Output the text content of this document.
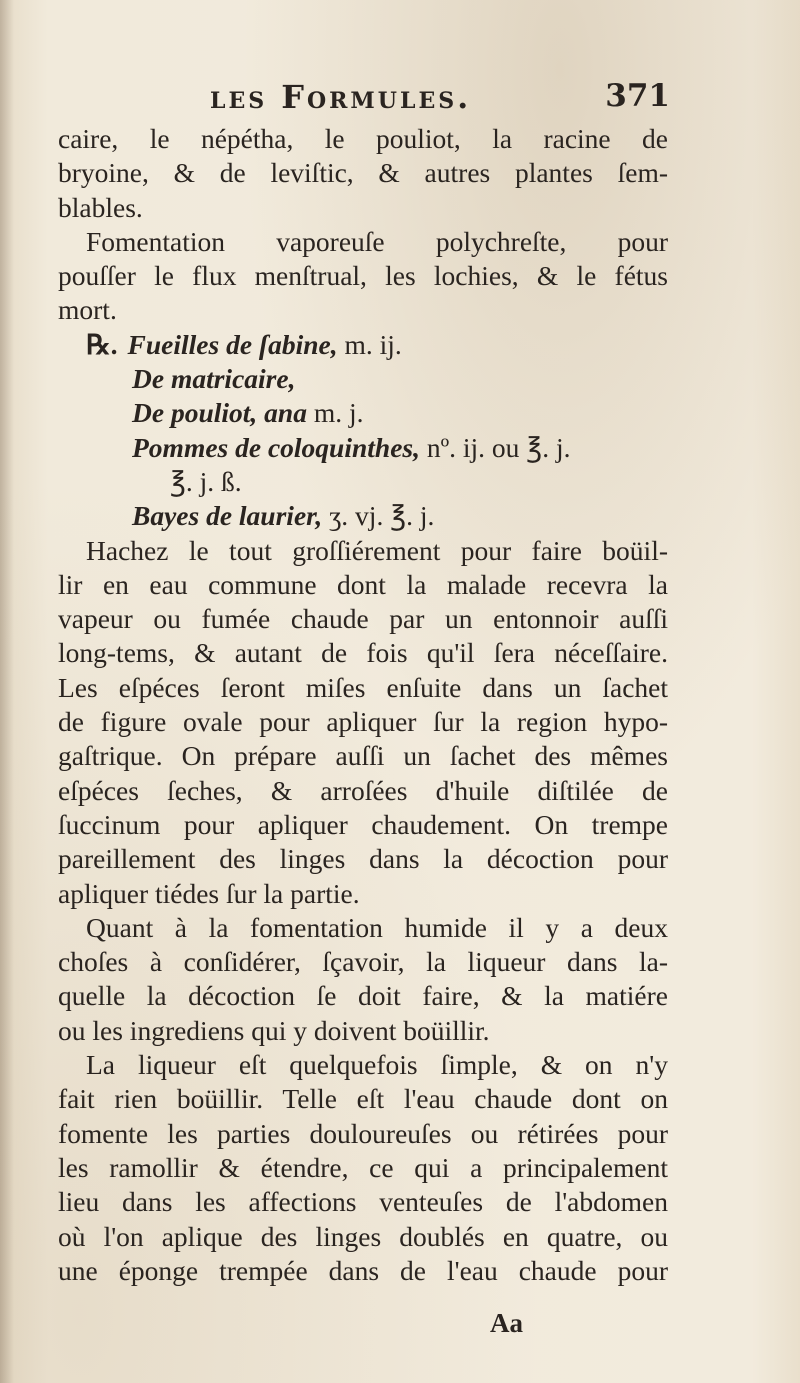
les Formules.	371

caire, le népétha, le pouliot, la racine de
bryoine, & de leviſtic, & autres plantes ſem-
blables.

Fomentation vaporeuſe polychreſte, pour
pouſſer le flux menſtrual, les lochies, & le fétus
mort.

℞. Fueilles de ſabine, m. ij.
De matricaire,
De pouliot, ana m. j.
Pommes de coloquinthes, nº. ij. ou ℥. j.
℥. j. ß.
Bayes de laurier, ʒ. vj. ℥. j.

Hachez le tout groſſiérement pour faire boüil-
lir en eau commune dont la malade recevra la
vapeur ou fumée chaude par un entonnoir auſſi
long-tems, & autant de fois qu'il ſera néceſſaire.
Les eſpéces ſeront miſes enſuite dans un ſachet
de figure ovale pour apliquer ſur la region hypo-
gaſtrique. On prépare auſſi un ſachet des mêmes
eſpéces ſeches, & arroſées d'huile diſtilée de
ſuccinum pour apliquer chaudement. On trempe
pareillement des linges dans la décoction pour
apliquer tiédes ſur la partie.

Quant à la fomentation humide il y a deux
choſes à conſidérer, ſçavoir, la liqueur dans la-
quelle la décoction ſe doit faire, & la matiére
ou les ingrediens qui y doivent boüillir.

La liqueur eſt quelquefois ſimple, & on n'y
fait rien boüillir. Telle eſt l'eau chaude dont on
fomente les parties douloureuſes ou rétirées pour
les ramollir & étendre, ce qui a principalement
lieu dans les affections venteuſes de l'abdomen
où l'on aplique des linges doublés en quatre, ou
une éponge trempée dans de l'eau chaude pour

Aa
